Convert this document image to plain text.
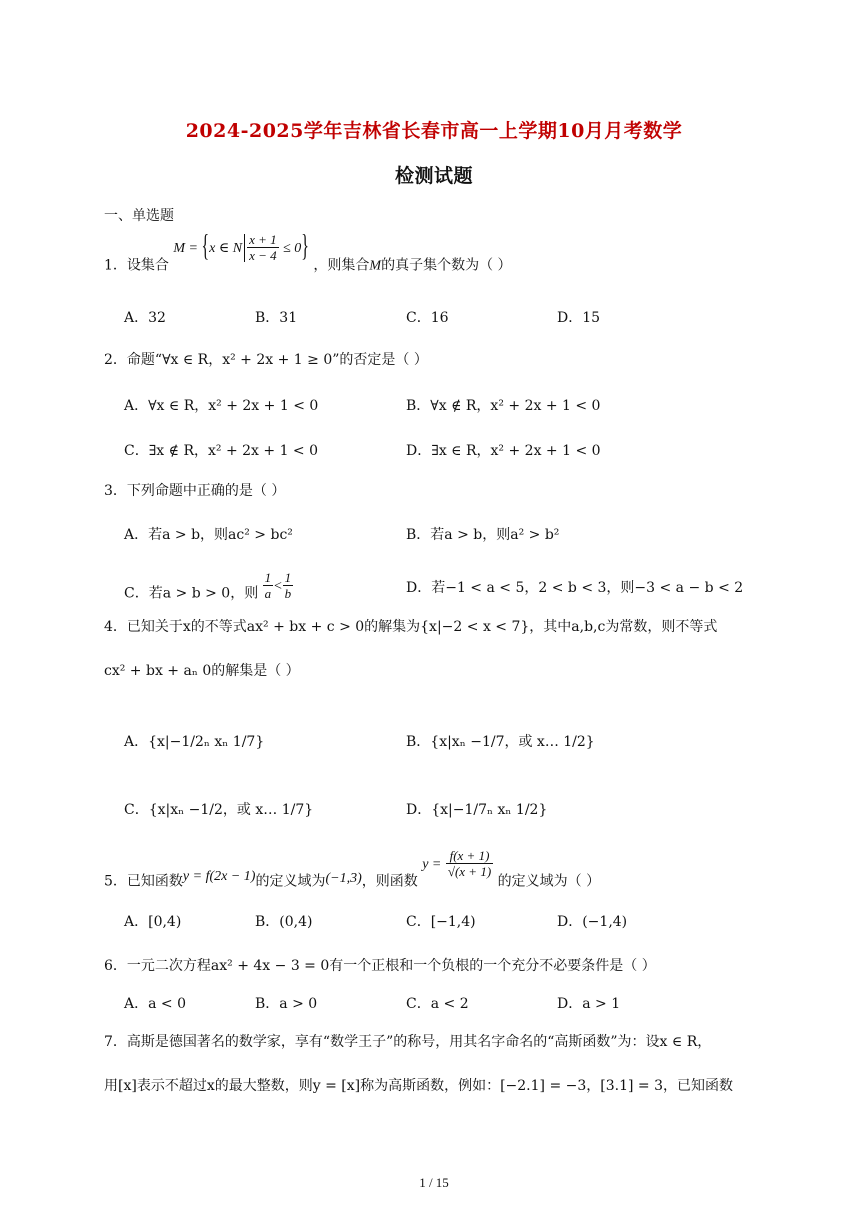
2024-2025学年吉林省长春市高一上学期10月月考数学
检测试题
一、单选题
1．设集合 M = {x ∈ N $\frac{x + 1}{x - 4} \le 0$} ，则集合M的真子集个数为（ ）
A．32	B．31	C．16	D．15
2．命题“∀x ∈ R，x² + 2x + 1 ≥ 0”的否定是（ ）
A．∀x ∈ R，x² + 2x + 1 < 0	B．∀x ∉ R，x² + 2x + 1 < 0
C．∃x ∉ R，x² + 2x + 1 < 0	D．∃x ∈ R，x² + 2x + 1 < 0
3．下列命题中正确的是（ ）
A．若a > b，则ac² > bc²	B．若a > b，则a² > b²
C．若a > b > 0，则 $\frac{1}{a} < \frac{1}{b}$	D．若−1 < a < 5，2 < b < 3，则−3 < a − b < 2
4．已知关于x的不等式ax² + bx + c > 0的解集为{x|−2 < x < 7}，其中a,b,c为常数，则不等式
cx² + bx + aₙ 0的解集是（ ）
A．{x|−1/2ₙ xₙ 1/7}	B．{x|xₙ −1/7，或 x… 1/2}
C．{x|xₙ −1/2，或 x… 1/7}	D．{x|−1/7ₙ xₙ 1/2}
5．已知函数y = f(2x − 1)的定义域为(−1,3)，则函数 $y = \frac{f(x + 1)}{√(x + 1)}$
的定义域为（ ）
A．[0,4)	B．(0,4)	C．[−1,4)	D．(−1,4)
6．一元二次方程ax² + 4x − 3 = 0有一个正根和一个负根的一个充分不必要条件是（ ）
A．a < 0	B．a > 0	C．a < 2	D．a > 1
7．高斯是德国著名的数学家，享有“数学王子”的称号，用其名字命名的“高斯函数”为：设x ∈ R，
用[x]表示不超过x的最大整数，则y = [x]称为高斯函数，例如：[−2.1] = −3，[3.1] = 3，已知函数
1 / 15
